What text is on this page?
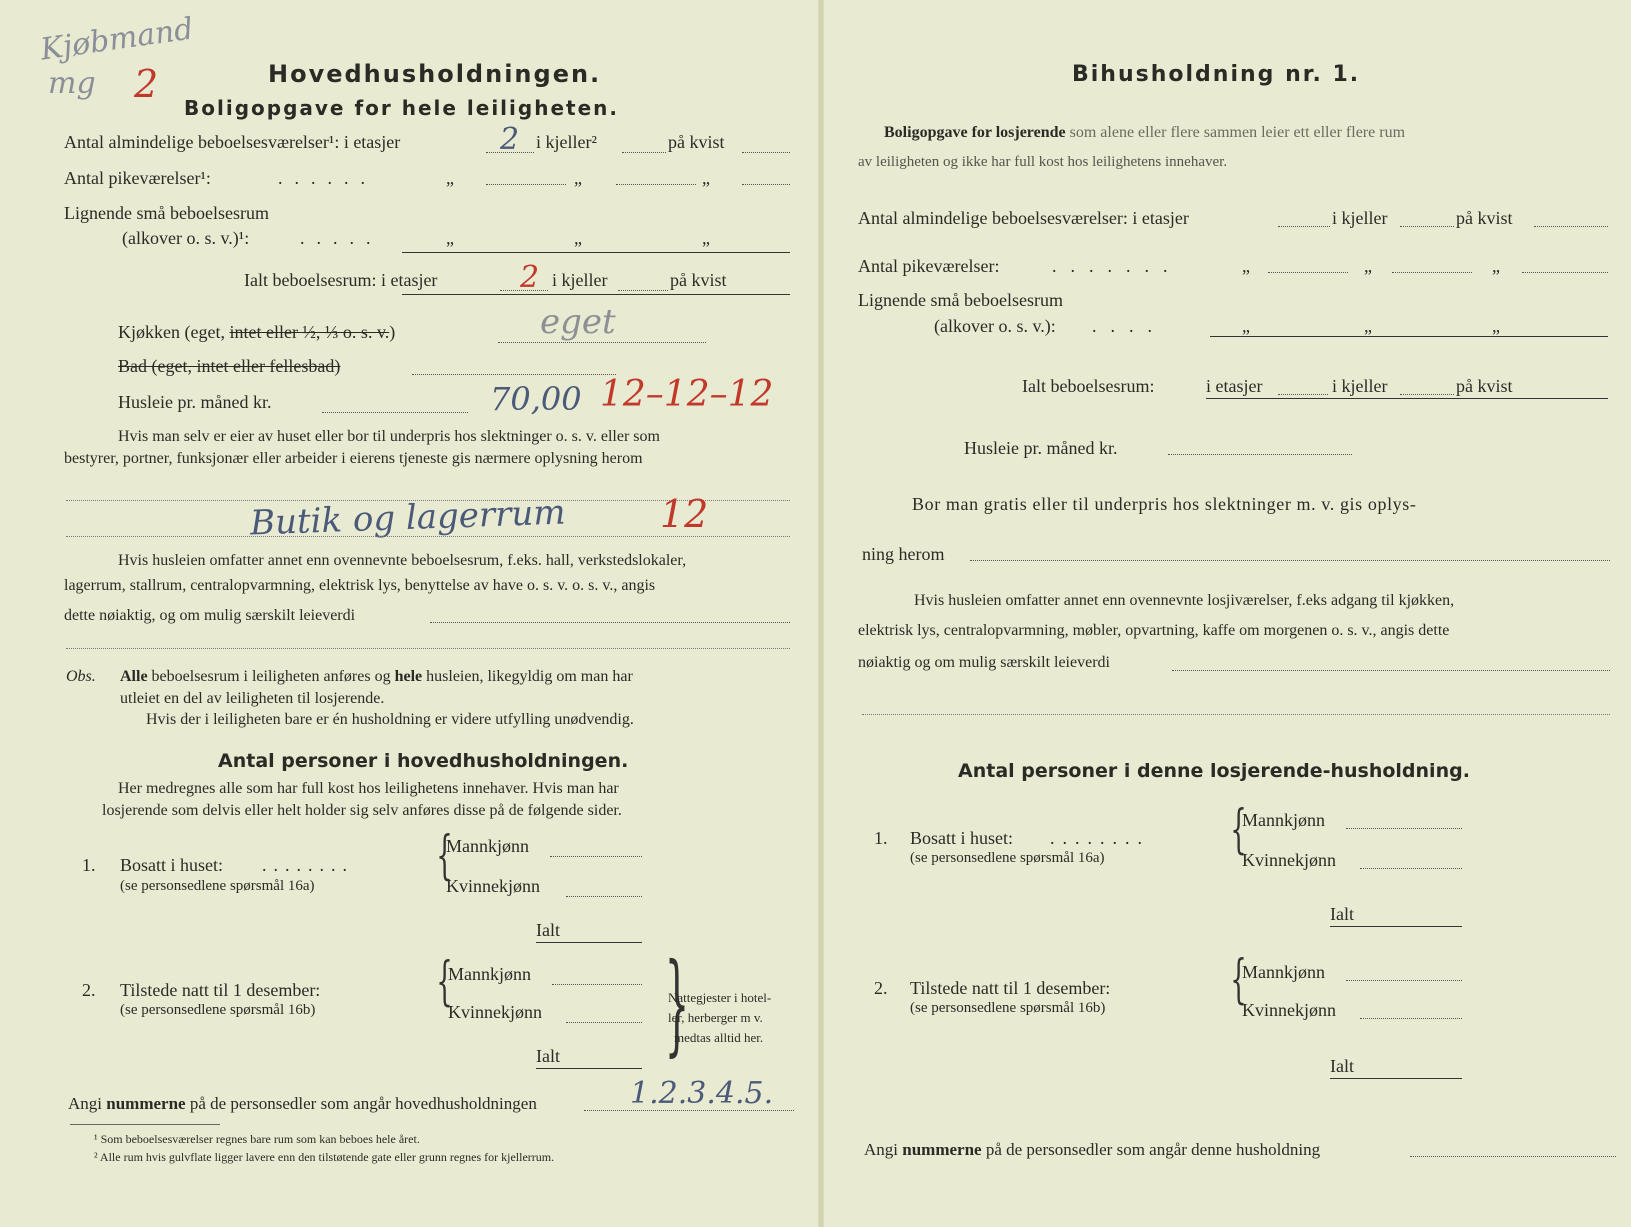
Kjøbmand
mg 2	Hovedhusholdningen.
Boligopgave for hele leiligheten.
Antal almindelige beboelsesværelser¹: i etasjer	2 i kjeller²	på kvist
Antal pikeværelser¹:	......	„	„	„
Lignende små beboelsesrum
(alkover o. s. v.)¹:	.....	„	„	„
Ialt beboelsesrum: i etasjer	2 i kjeller	på kvist
Kjøkken (eget, intet eller ½, ⅓ o. s. v.)	eget
Bad (eget, intet eller fellesbad)
Husleie pr. måned kr.	70,00 12–12–12
Hvis man selv er eier av huset eller bor til underpris hos slektninger o. s. v. eller som
bestyrer, portner, funksjonær eller arbeider i eierens tjeneste gis nærmere oplysning herom
Butik og lagerrum 12
Hvis husleien omfatter annet enn ovennevnte beboelsesrum, f.eks. hall, verkstedslokaler,
lagerrum, stallrum, centralopvarmning, elektrisk lys, benyttelse av have o. s. v. o. s. v., angis
dette nøiaktig, og om mulig særskilt leieverdi
Obs. Alle beboelsesrum i leiligheten anføres og hele husleien, likegyldig om man har
utleiet en del av leiligheten til losjerende.
Hvis der i leiligheten bare er én husholdning er videre utfylling unødvendig.
Antal personer i hovedhusholdningen.
Her medregnes alle som har full kost hos leilighetens innehaver. Hvis man har
losjerende som delvis eller helt holder sig selv anføres disse på de følgende sider.
1. Bosatt i huset: ........
(se personsedlene spørsmål 16a) {
Mannkjønn
Kvinnekjønn
Ialt
2. Tilstede natt til 1 desember:
(se personsedlene spørsmål 16b) {
Mannkjønn
Kvinnekjønn
Ialt }
Nattegjester i hotel-
ler, herberger m v.
medtas alltid her.
Angi nummerne på de personsedler som angår hovedhusholdningen	1.2.3.4.5.
¹ Som beboelsesværelser regnes bare rum som kan beboes hele året.
² Alle rum hvis gulvflate ligger lavere enn den tilstøtende gate eller grunn regnes for kjellerrum.
Bihusholdning nr. 1.
Boligopgave for losjerende som alene eller flere sammen leier ett eller flere rum
av leiligheten og ikke har full kost hos leilighetens innehaver.
Antal almindelige beboelsesværelser: i etasjer	i kjeller	på kvist
Antal pikeværelser:	.......	„	„	„
Lignende små beboelsesrum
(alkover o. s. v.): ....	„	„	„
Ialt beboelsesrum:	i etasjer	i kjeller	på kvist
Husleie pr. måned kr.
Bor man gratis eller til underpris hos slektninger m. v. gis oplys-
ning herom
Hvis husleien omfatter annet enn ovennevnte losjiværelser, f.eks adgang til kjøkken,
elektrisk lys, centralopvarmning, møbler, opvartning, kaffe om morgenen o. s. v., angis dette
nøiaktig og om mulig særskilt leieverdi
Antal personer i denne losjerende-husholdning.
1. Bosatt i huset: ........
(se personsedlene spørsmål 16a) {
Mannkjønn
Kvinnekjønn
Ialt
2. Tilstede natt til 1 desember:
(se personsedlene spørsmål 16b) {
Mannkjønn
Kvinnekjønn
Ialt
Angi nummerne på de personsedler som angår denne husholdning
